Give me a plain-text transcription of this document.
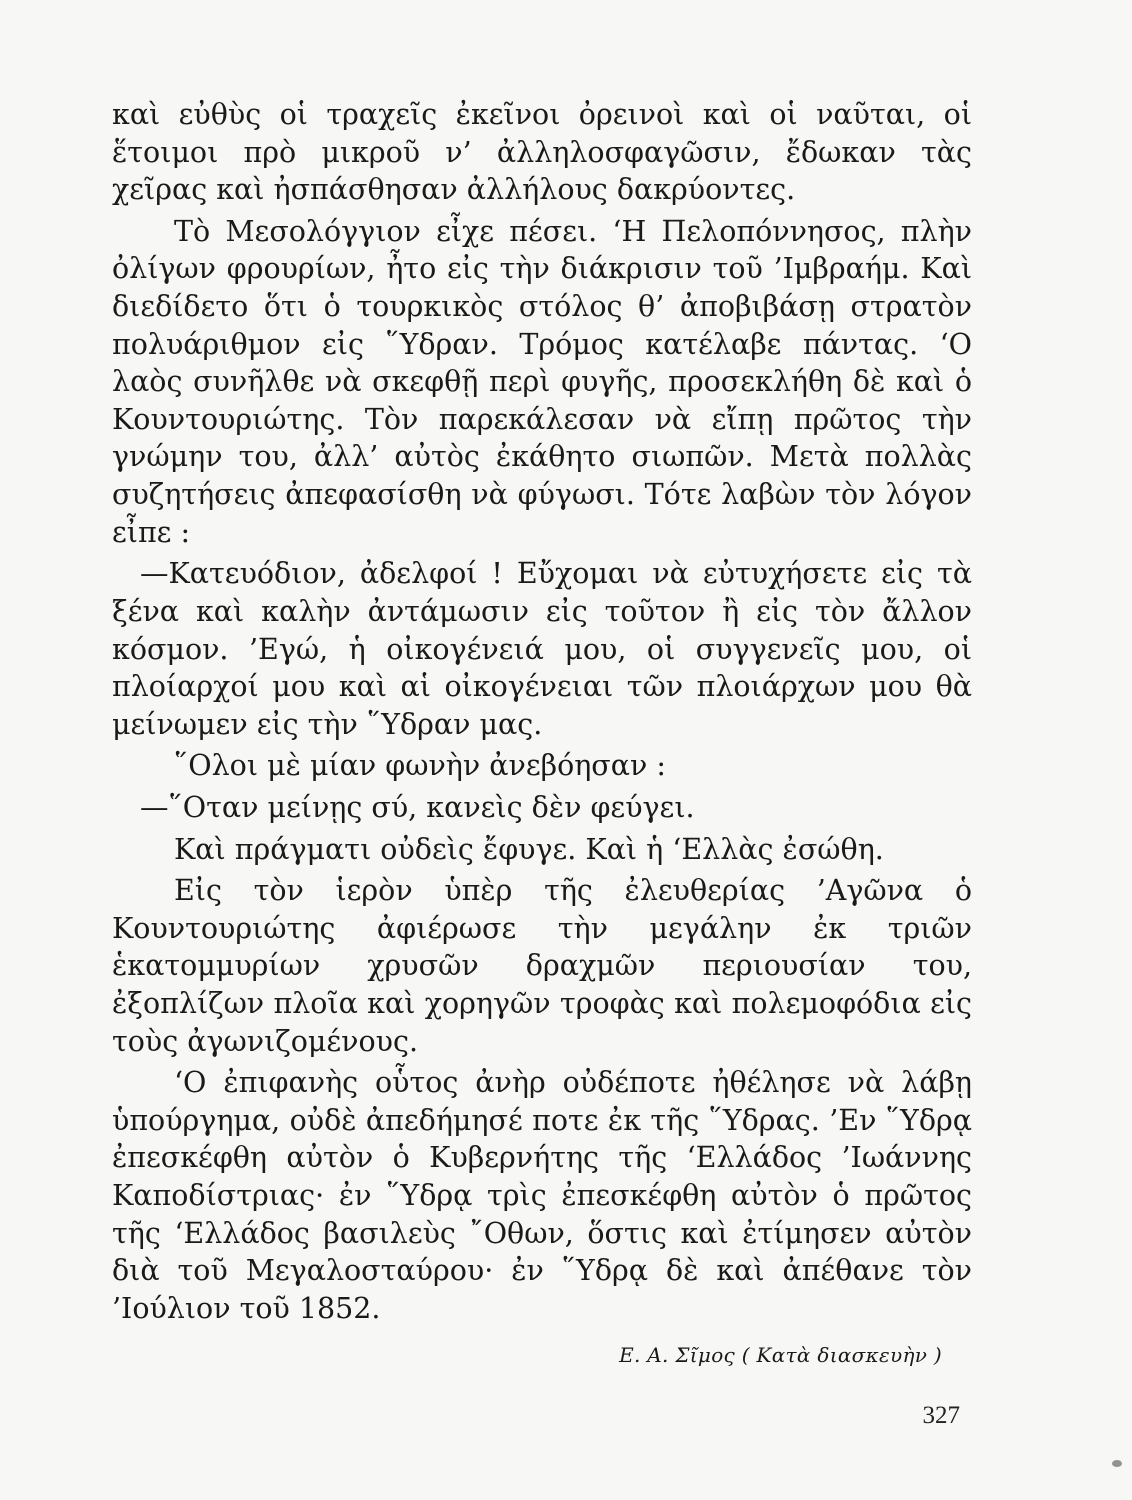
καὶ εὐθὺς οἱ τραχεῖς ἐκεῖνοι ὀρεινοὶ καὶ οἱ ναῦται, οἱ ἕτοιμοι πρὸ μικροῦ ν’ ἀλληλοσφαγῶσιν, ἔδωκαν τὰς χεῖρας καὶ ἠσπάσθησαν ἀλλήλους δακρύοντες.

Τὸ Μεσολόγγιον εἶχε πέσει. ‘Η Πελοπόννησος, πλὴν ὀλίγων φρουρίων, ἦτο εἰς τὴν διάκρισιν τοῦ ’Ιμβραήμ. Καὶ διεδίδετο ὅτι ὁ τουρκικὸς στόλος θ’ ἀποβιβάσῃ στρατὸν πολυάριθμον εἰς ῞Υδραν. Τρόμος κατέλαβε πάντας. ‘Ο λαὸς συνῆλθε νὰ σκεφθῇ περὶ φυγῆς, προσεκλήθη δὲ καὶ ὁ Κουντουριώτης. Τὸν παρεκάλεσαν νὰ εἴπῃ πρῶτος τὴν γνώμην του, ἀλλ’ αὐτὸς ἐκάθητο σιωπῶν. Μετὰ πολλὰς συζητήσεις ἀπεφασίσθη νὰ φύγωσι. Τότε λαβὼν τὸν λόγον εἶπε :

—Κατευόδιον, ἀδελφοί ! Εὔχομαι νὰ εὐτυχήσετε εἰς τὰ ξένα καὶ καλὴν ἀντάμωσιν εἰς τοῦτον ἢ εἰς τὸν ἄλλον κόσμον. ’Εγώ, ἡ οἰκογένειά μου, οἱ συγγενεῖς μου, οἱ πλοίαρχοί μου καὶ αἱ οἰκογένειαι τῶν πλοιάρχων μου θὰ μείνωμεν εἰς τὴν ῞Υδραν μας.

῞Ολοι μὲ μίαν φωνὴν ἀνεβόησαν :

—῞Οταν μείνῃς σύ, κανεὶς δὲν φεύγει.

Καὶ πράγματι οὐδεὶς ἔφυγε. Καὶ ἡ ‘Ελλὰς ἐσώθη.

Εἰς τὸν ἱερὸν ὑπὲρ τῆς ἐλευθερίας ’Αγῶνα ὁ Κουντουριώτης ἀφιέρωσε τὴν μεγάλην ἐκ τριῶν ἑκατομμυρίων χρυσῶν δραχμῶν περιουσίαν του, ἐξοπλίζων πλοῖα καὶ χορηγῶν τροφὰς καὶ πολεμοφόδια εἰς τοὺς ἀγωνιζομένους.

‘Ο ἐπιφανὴς οὗτος ἀνὴρ οὐδέποτε ἠθέλησε νὰ λάβῃ ὑπούργημα, οὐδὲ ἀπεδήμησέ ποτε ἐκ τῆς ῞Υδρας. ’Εν ῞Υδρᾳ ἐπεσκέφθη αὐτὸν ὁ Κυβερνήτης τῆς ‘Ελλάδος ’Ιωάννης Καποδίστριας· ἐν ῞Υδρᾳ τρὶς ἐπεσκέφθη αὐτὸν ὁ πρῶτος τῆς ‘Ελλάδος βασιλεὺς ῎Οθων, ὅστις καὶ ἐτίμησεν αὐτὸν διὰ τοῦ Μεγαλοσταύρου· ἐν ῞Υδρᾳ δὲ καὶ ἀπέθανε τὸν ’Ιούλιον τοῦ 1852.

Ε. Α. Σῖμος ( Κατὰ διασκευὴν )
327
